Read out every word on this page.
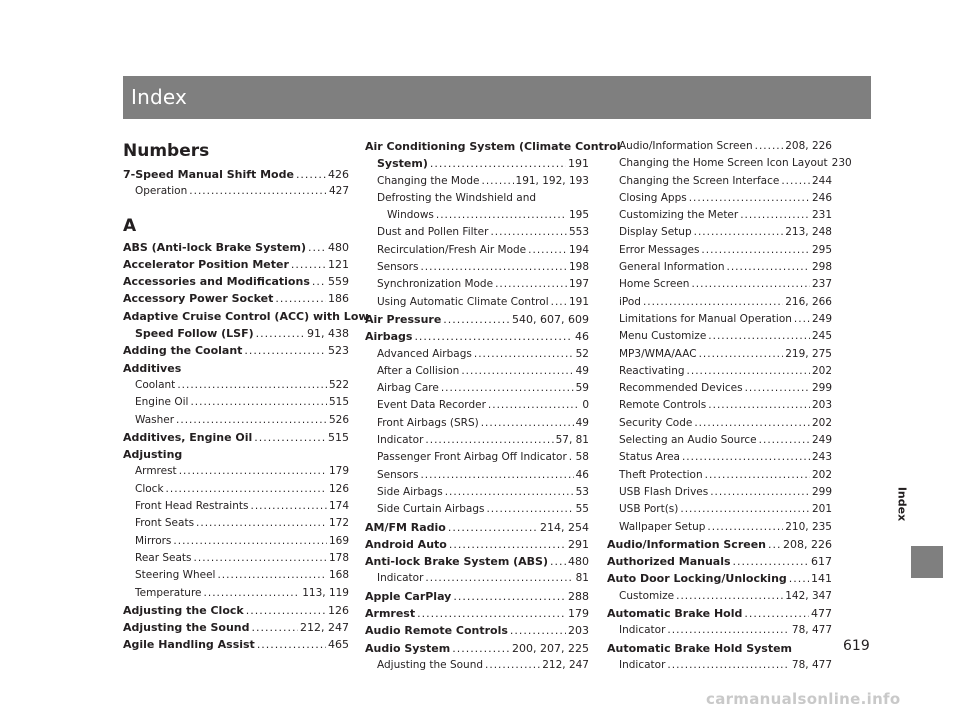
Index
Index
Numbers
7-Speed Manual Shift Mode .....	426
Operation .....	427
A
ABS (Anti-lock Brake System) ..... 480
Accelerator Position Meter .....	121
Accessories and Modifications ..... 559
Accessory Power Socket .....	186
Adaptive Cruise Control (ACC) with Low
Speed Follow (LSF) .....	91, 438
Adding the Coolant .....	523
Additives
Coolant .....	522
Engine Oil .....	515
Washer .....	526
Additives, Engine Oil .....	515
Adjusting
Armrest .....	179
Clock .....	126
Front Head Restraints .....	174
Front Seats .....	172
Mirrors .....	169
Rear Seats .....	178
Steering Wheel .....	168
Temperature .....	113, 119
Adjusting the Clock .....	126
Adjusting the Sound .....	212, 247
Agile Handling Assist .....	465
Air Conditioning System (Climate Control
System) .....	191
Changing the Mode .....	191, 192, 193
Defrosting the Windshield and
Windows .....	195
Dust and Pollen Filter .....	553
Recirculation/Fresh Air Mode .....	194
Sensors .....	198
Synchronization Mode .....	197
Using Automatic Climate Control ..... 191
Air Pressure .....	540, 607, 609
Airbags .....	46
Advanced Airbags .....	52
After a Collision .....	49
Airbag Care .....	59
Event Data Recorder .....	0
Front Airbags (SRS) .....	49
Indicator .....	57, 81
Passenger Front Airbag Off Indicator ..... 58
Sensors .....	46
Side Airbags .....	53
Side Curtain Airbags .....	55
AM/FM Radio .....	214, 254
Android Auto .....	291
Anti-lock Brake System (ABS) ..... 480
Indicator .....	81
Apple CarPlay .....	288
Armrest .....	179
Audio Remote Controls .....	203
Audio System .....	200, 207, 225
Adjusting the Sound .....	212, 247
Audio/Information Screen .....	208, 226
Changing the Home Screen Icon Layout 230
Changing the Screen Interface .....	244
Closing Apps .....	246
Customizing the Meter .....	231
Display Setup .....	213, 248
Error Messages .....	295
General Information .....	298
Home Screen .....	237
iPod .....	216, 266
Limitations for Manual Operation ..... 249
Menu Customize .....	245
MP3/WMA/AAC .....	219, 275
Reactivating .....	202
Recommended Devices .....	299
Remote Controls .....	203
Security Code .....	202
Selecting an Audio Source .....	249
Status Area .....	243
Theft Protection .....	202
USB Flash Drives .....	299
USB Port(s) .....	201
Wallpaper Setup .....	210, 235
Audio/Information Screen ..... 208, 226
Authorized Manuals .....	617
Auto Door Locking/Unlocking ..... 141
Customize .....	142, 347
Automatic Brake Hold .....	477
Indicator .....	78, 477
Automatic Brake Hold System
Indicator .....	78, 477
619
carmanualsonline.info
